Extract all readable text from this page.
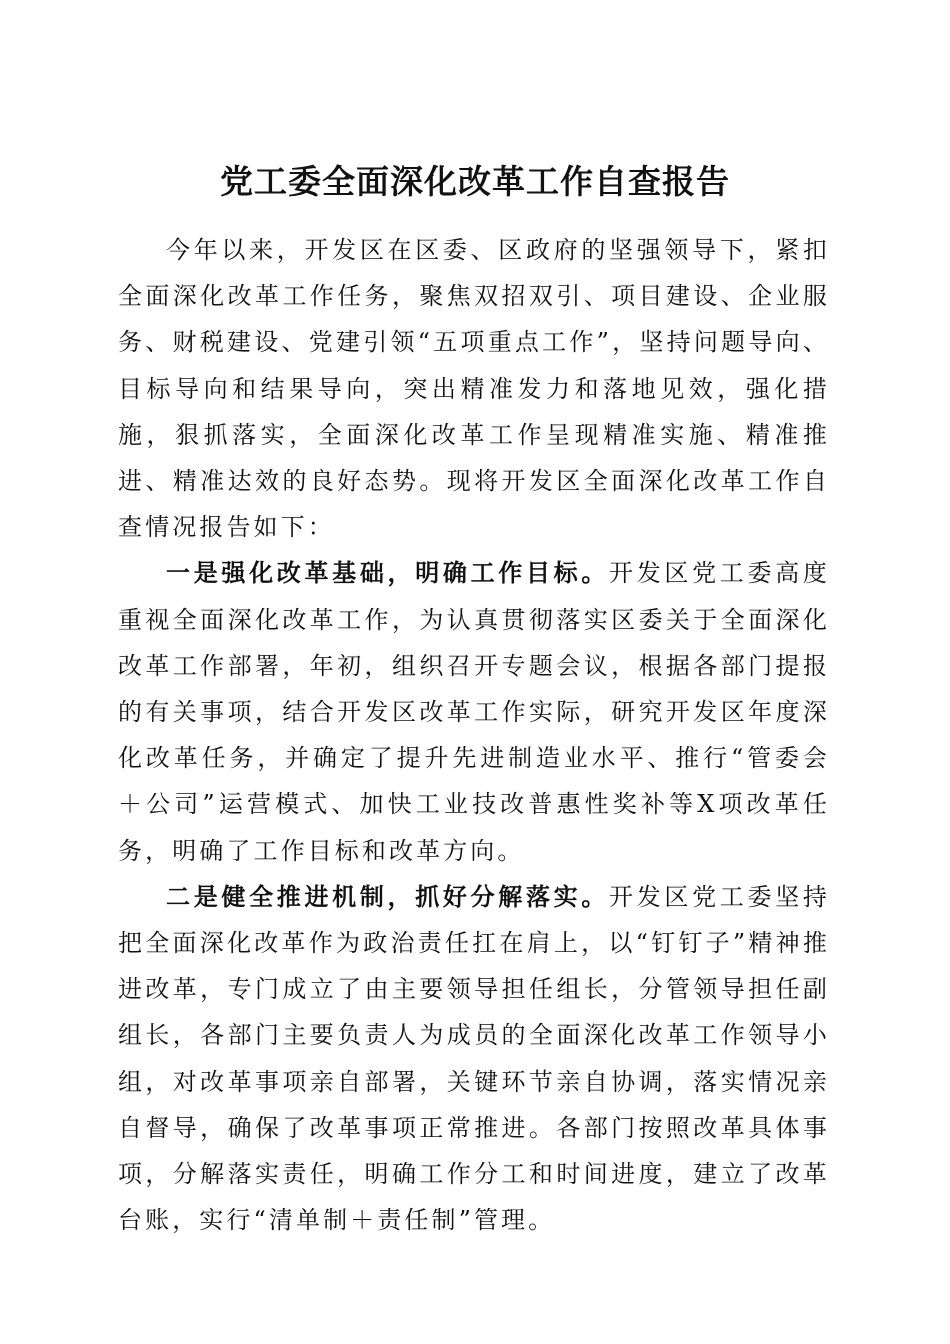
党工委全面深化改革工作自查报告

今年以来，开发区在区委、区政府的坚强领导下，紧扣全面深化改革工作任务，聚焦双招双引、项目建设、企业服务、财税建设、党建引领“五项重点工作”，坚持问题导向、目标导向和结果导向，突出精准发力和落地见效，强化措施，狠抓落实，全面深化改革工作呈现精准实施、精准推进、精准达效的良好态势。现将开发区全面深化改革工作自查情况报告如下：

一是强化改革基础，明确工作目标。开发区党工委高度重视全面深化改革工作，为认真贯彻落实区委关于全面深化改革工作部署，年初，组织召开专题会议，根据各部门提报的有关事项，结合开发区改革工作实际，研究开发区年度深化改革任务，并确定了提升先进制造业水平、推行“管委会＋公司”运营模式、加快工业技改普惠性奖补等X项改革任务，明确了工作目标和改革方向。

二是健全推进机制，抓好分解落实。开发区党工委坚持把全面深化改革作为政治责任扛在肩上，以“钉钉子”精神推进改革，专门成立了由主要领导担任组长，分管领导担任副组长，各部门主要负责人为成员的全面深化改革工作领导小组，对改革事项亲自部署，关键环节亲自协调，落实情况亲自督导，确保了改革事项正常推进。各部门按照改革具体事项，分解落实责任，明确工作分工和时间进度，建立了改革台账，实行“清单制＋责任制”管理。
